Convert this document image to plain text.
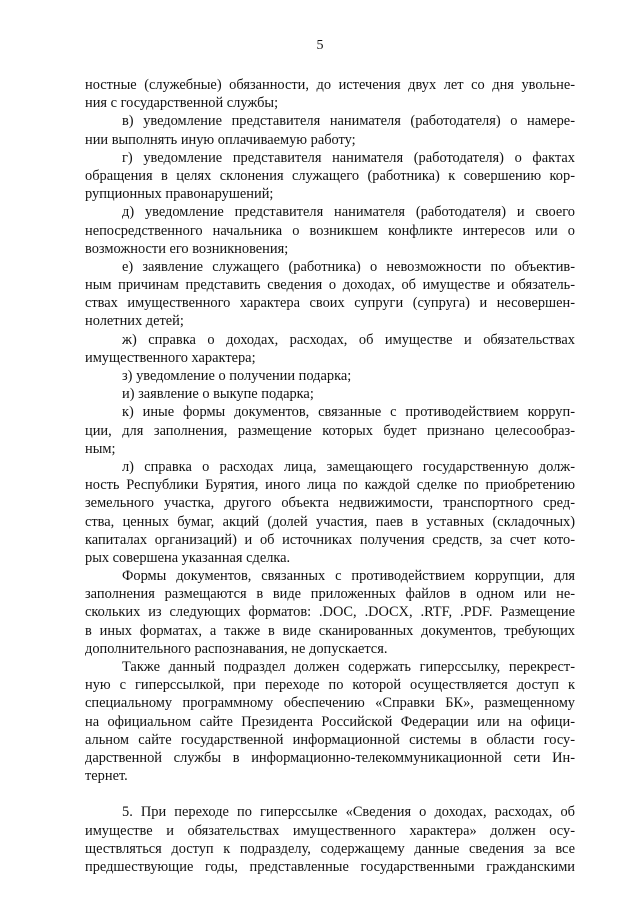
5
ностные (служебные) обязанности, до истечения двух лет со дня увольне-
ния с государственной службы;
в) уведомление представителя нанимателя (работодателя) о намере-
нии выполнять иную оплачиваемую работу;
г) уведомление представителя нанимателя (работодателя) о фактах
обращения в целях склонения служащего (работника) к совершению кор-
рупционных правонарушений;
д) уведомление представителя нанимателя (работодателя) и своего
непосредственного начальника о возникшем конфликте интересов или о
возможности его возникновения;
е) заявление служащего (работника) о невозможности по объектив-
ным причинам представить сведения о доходах, об имуществе и обязатель-
ствах имущественного характера своих супруги (супруга) и несовершен-
нолетних детей;
ж) справка о доходах, расходах, об имуществе и обязательствах
имущественного характера;
з) уведомление о получении подарка;
и) заявление о выкупе подарка;
к) иные формы документов, связанные с противодействием корруп-
ции, для заполнения, размещение которых будет признано целесообраз-
ным;
л) справка о расходах лица, замещающего государственную долж-
ность Республики Бурятия, иного лица по каждой сделке по приобретению
земельного участка, другого объекта недвижимости, транспортного сред-
ства, ценных бумаг, акций (долей участия, паев в уставных (складочных)
капиталах организаций) и об источниках получения средств, за счет кото-
рых совершена указанная сделка.
Формы документов, связанных с противодействием коррупции, для
заполнения размещаются в виде приложенных файлов в одном или не-
скольких из следующих форматов: .DOC, .DOCX, .RTF, .PDF. Размещение
в иных форматах, а также в виде сканированных документов, требующих
дополнительного распознавания, не допускается.
Также данный подраздел должен содержать гиперссылку, перекрест-
ную с гиперссылкой, при переходе по которой осуществляется доступ к
специальному программному обеспечению «Справки БК», размещенному
на официальном сайте Президента Российской Федерации или на офици-
альном сайте государственной информационной системы в области госу-
дарственной службы в информационно-телекоммуникационной сети Ин-
тернет.
5. При переходе по гиперссылке «Сведения о доходах, расходах, об
имуществе и обязательствах имущественного характера» должен осу-
ществляться доступ к подразделу, содержащему данные сведения за все
предшествующие годы, представленные государственными гражданскими
